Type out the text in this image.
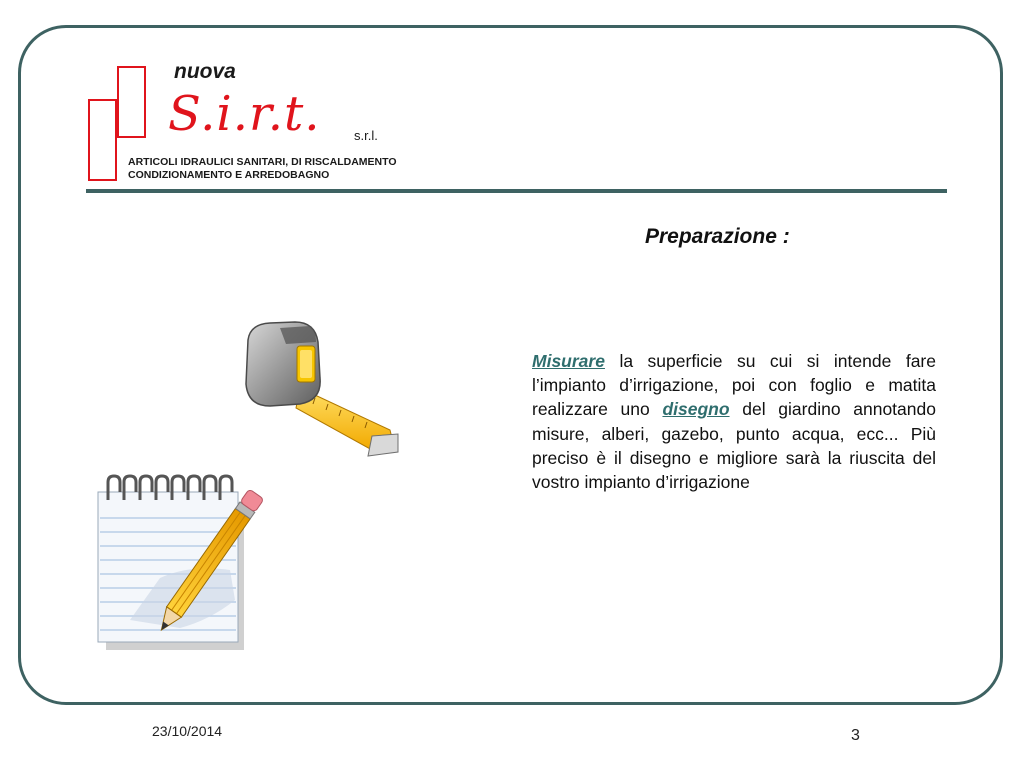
nuova
S.i.r.t.	s.r.l.
ARTICOLI IDRAULICI SANITARI, DI RISCALDAMENTO
CONDIZIONAMENTO E ARREDOBAGNO
Preparazione :
Misurare la superficie su cui si intende fare l’impianto d’irrigazione, poi con foglio e matita realizzare uno disegno del giardino annotando misure, alberi, gazebo, punto acqua, ecc... Più preciso è il disegno e migliore sarà la riuscita del vostro impianto d’irrigazione
23/10/2014	3
